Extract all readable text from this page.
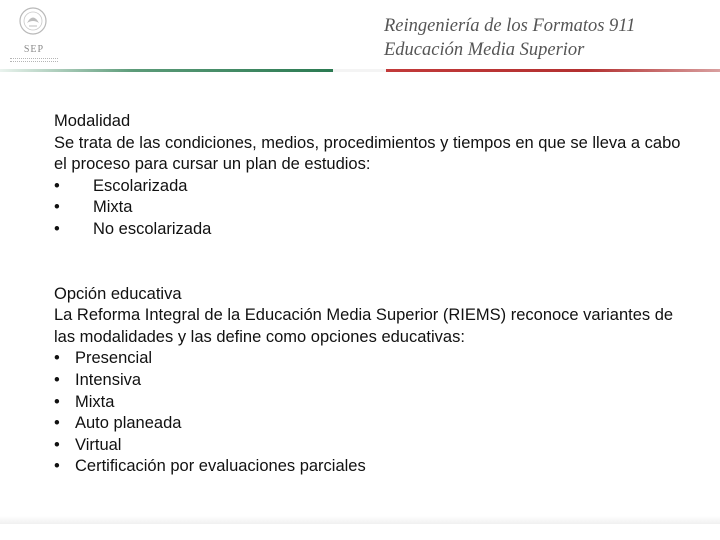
SEP
Reingeniería de los Formatos 911
Educación Media Superior

Modalidad

Se trata de las condiciones, medios, procedimientos y tiempos en que se lleva a cabo el proceso para cursar un plan de estudios:

•	Escolarizada
•	Mixta
•	No escolarizada

Opción educativa

La Reforma Integral de la Educación Media Superior (RIEMS) reconoce variantes de las modalidades y las define como opciones educativas:

• Presencial
• Intensiva
• Mixta
• Auto planeada
• Virtual
• Certificación por evaluaciones parciales
